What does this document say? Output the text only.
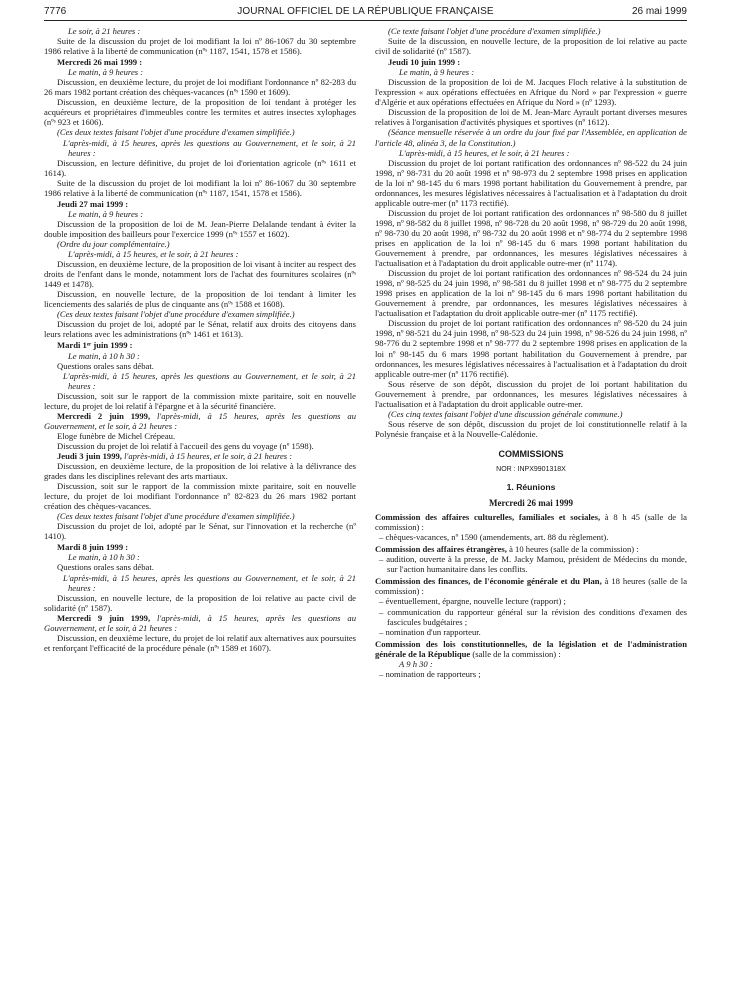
7776	JOURNAL OFFICIEL DE LA RÉPUBLIQUE FRANÇAISE	26 mai 1999

Le soir, à 21 heures :

Suite de la discussion du projet de loi modifiant la loi nº 86-1067 du 30 septembre 1986 relative à la liberté de communication (nºˢ 1187, 1541, 1578 et 1586).

Mercredi 26 mai 1999 :

Le matin, à 9 heures :

Discussion, en deuxième lecture, du projet de loi modifiant l'ordonnance nº 82-283 du 26 mars 1982 portant création des chèques-vacances (nºˢ 1590 et 1609).

Discussion, en deuxième lecture, de la proposition de loi tendant à protéger les acquéreurs et propriétaires d'immeubles contre les termites et autres insectes xylophages (nºˢ 923 et 1606).

(Ces deux textes faisant l'objet d'une procédure d'examen simplifiée.)

L'après-midi, à 15 heures, après les questions au Gouvernement, et le soir, à 21 heures :

Discussion, en lecture définitive, du projet de loi d'orientation agricole (nºˢ 1611 et 1614).

Suite de la discussion du projet de loi modifiant la loi nº 86-1067 du 30 septembre 1986 relative à la liberté de communication (nºˢ 1187, 1541, 1578 et 1586).

Jeudi 27 mai 1999 :

Le matin, à 9 heures :

Discussion de la proposition de loi de M. Jean-Pierre Delalande tendant à éviter la double imposition des bailleurs pour l'exercice 1999 (nºˢ 1557 et 1602).

(Ordre du jour complémentaire.)

L'après-midi, à 15 heures, et le soir, à 21 heures :

Discussion, en deuxième lecture, de la proposition de loi visant à inciter au respect des droits de l'enfant dans le monde, notamment lors de l'achat des fournitures scolaires (nºˢ 1449 et 1478).

Discussion, en nouvelle lecture, de la proposition de loi tendant à limiter les licenciements des salariés de plus de cinquante ans (nºˢ 1588 et 1608).

(Ces deux textes faisant l'objet d'une procédure d'examen simplifiée.)

Discussion du projet de loi, adopté par le Sénat, relatif aux droits des citoyens dans leurs relations avec les administrations (nºˢ 1461 et 1613).

Mardi 1ᵉʳ juin 1999 :

Le matin, à 10 h 30 :

Questions orales sans débat.

L'après-midi, à 15 heures, après les questions au Gouvernement, et le soir, à 21 heures :

Discussion, soit sur le rapport de la commission mixte paritaire, soit en nouvelle lecture, du projet de loi relatif à l'épargne et à la sécurité financière.

Mercredi 2 juin 1999, l'après-midi, à 15 heures, après les questions au Gouvernement, et le soir, à 21 heures :

Eloge funèbre de Michel Crépeau.

Discussion du projet de loi relatif à l'accueil des gens du voyage (nº 1598).

Jeudi 3 juin 1999, l'après-midi, à 15 heures, et le soir, à 21 heures :

Discussion, en deuxième lecture, de la proposition de loi relative à la délivrance des grades dans les disciplines relevant des arts martiaux.

Discussion, soit sur le rapport de la commission mixte paritaire, soit en nouvelle lecture, du projet de loi modifiant l'ordonnance nº 82-823 du 26 mars 1982 portant création des chèques-vacances.

(Ces deux textes faisant l'objet d'une procédure d'examen simplifiée.)

Discussion du projet de loi, adopté par le Sénat, sur l'innovation et la recherche (nº 1410).

Mardi 8 juin 1999 :

Le matin, à 10 h 30 :

Questions orales sans débat.

L'après-midi, à 15 heures, après les questions au Gouvernement, et le soir, à 21 heures :

Discussion, en nouvelle lecture, de la proposition de loi relative au pacte civil de solidarité (nº 1587).

Mercredi 9 juin 1999, l'après-midi, à 15 heures, après les questions au Gouvernement, et le soir, à 21 heures :

Discussion, en deuxième lecture, du projet de loi relatif aux alternatives aux poursuites et renforçant l'efficacité de la procédure pénale (nºˢ 1589 et 1607).

(Ce texte faisant l'objet d'une procédure d'examen simplifiée.)

Suite de la discussion, en nouvelle lecture, de la proposition de loi relative au pacte civil de solidarité (nº 1587).

Jeudi 10 juin 1999 :

Le matin, à 9 heures :

Discussion de la proposition de loi de M. Jacques Floch relative à la substitution de l'expression « aux opérations effectuées en Afrique du Nord » par l'expression « guerre d'Algérie et aux opérations effectuées en Afrique du Nord » (nº 1293).

Discussion de la proposition de loi de M. Jean-Marc Ayrault portant diverses mesures relatives à l'organisation d'activités physiques et sportives (nº 1612).

(Séance mensuelle réservée à un ordre du jour fixé par l'Assemblée, en application de l'article 48, alinéa 3, de la Constitution.)

L'après-midi, à 15 heures, et le soir, à 21 heures :

Discussion du projet de loi portant ratification des ordonnances nº 98-522 du 24 juin 1998, nº 98-731 du 20 août 1998 et nº 98-973 du 2 septembre 1998 prises en application de la loi nº 98-145 du 6 mars 1998 portant habilitation du Gouvernement à prendre, par ordonnances, les mesures législatives nécessaires à l'actualisation et à l'adaptation du droit applicable outre-mer (nº 1173 rectifié).

Discussion du projet de loi portant ratification des ordonnances nº 98-580 du 8 juillet 1998, nº 98-582 du 8 juillet 1998, nº 98-728 du 20 août 1998, nº 98-729 du 20 août 1998, nº 98-730 du 20 août 1998, nº 98-732 du 20 août 1998 et nº 98-774 du 2 septembre 1998 prises en application de la loi nº 98-145 du 6 mars 1998 portant habilitation du Gouvernement à prendre, par ordonnances, les mesures législatives nécessaires à l'actualisation et à l'adaptation du droit applicable outre-mer (nº 1174).

Discussion du projet de loi portant ratification des ordonnances nº 98-524 du 24 juin 1998, nº 98-525 du 24 juin 1998, nº 98-581 du 8 juillet 1998 et nº 98-775 du 2 septembre 1998 prises en application de la loi nº 98-145 du 6 mars 1998 portant habilitation du Gouvernement à prendre, par ordonnances, les mesures législatives nécessaires à l'actualisation et l'adaptation du droit applicable outre-mer (nº 1175 rectifié).

Discussion du projet de loi portant ratification des ordonnances nº 98-520 du 24 juin 1998, nº 98-521 du 24 juin 1998, nº 98-523 du 24 juin 1998, nº 98-526 du 24 juin 1998, nº 98-776 du 2 septembre 1998 et nº 98-777 du 2 septembre 1998 prises en application de la loi nº 98-145 du 6 mars 1998 portant habilitation du Gouvernement à prendre, par ordonnances, les mesures législatives nécessaires à l'actualisation et à l'adaptation du droit applicable outre-mer (nº 1176 rectifié).

Sous réserve de son dépôt, discussion du projet de loi portant habilitation du Gouvernement à prendre, par ordonnances, les mesures législatives nécessaires à l'actualisation et à l'adaptation du droit applicable outre-mer.

(Ces cinq textes faisant l'objet d'une discussion générale commune.)

Sous réserve de son dépôt, discussion du projet de loi constitutionnelle relatif à la Polynésie française et à la Nouvelle-Calédonie.

COMMISSIONS

NOR : INPX9901318X

1. Réunions

Mercredi 26 mai 1999

Commission des affaires culturelles, familiales et sociales, à 8 h 45 (salle de la commission) :

– chèques-vacances, nº 1590 (amendements, art. 88 du règlement).

Commission des affaires étrangères, à 10 heures (salle de la commission) :

– audition, ouverte à la presse, de M. Jacky Mamou, président de Médecins du monde, sur l'action humanitaire dans les conflits.

Commission des finances, de l'économie générale et du Plan, à 18 heures (salle de la commission) :

– éventuellement, épargne, nouvelle lecture (rapport) ;

– communication du rapporteur général sur la révision des conditions d'examen des fascicules budgétaires ;

– nomination d'un rapporteur.

Commission des lois constitutionnelles, de la législation et de l'administration générale de la République (salle de la commission) :

A 9 h 30 :

– nomination de rapporteurs ;
